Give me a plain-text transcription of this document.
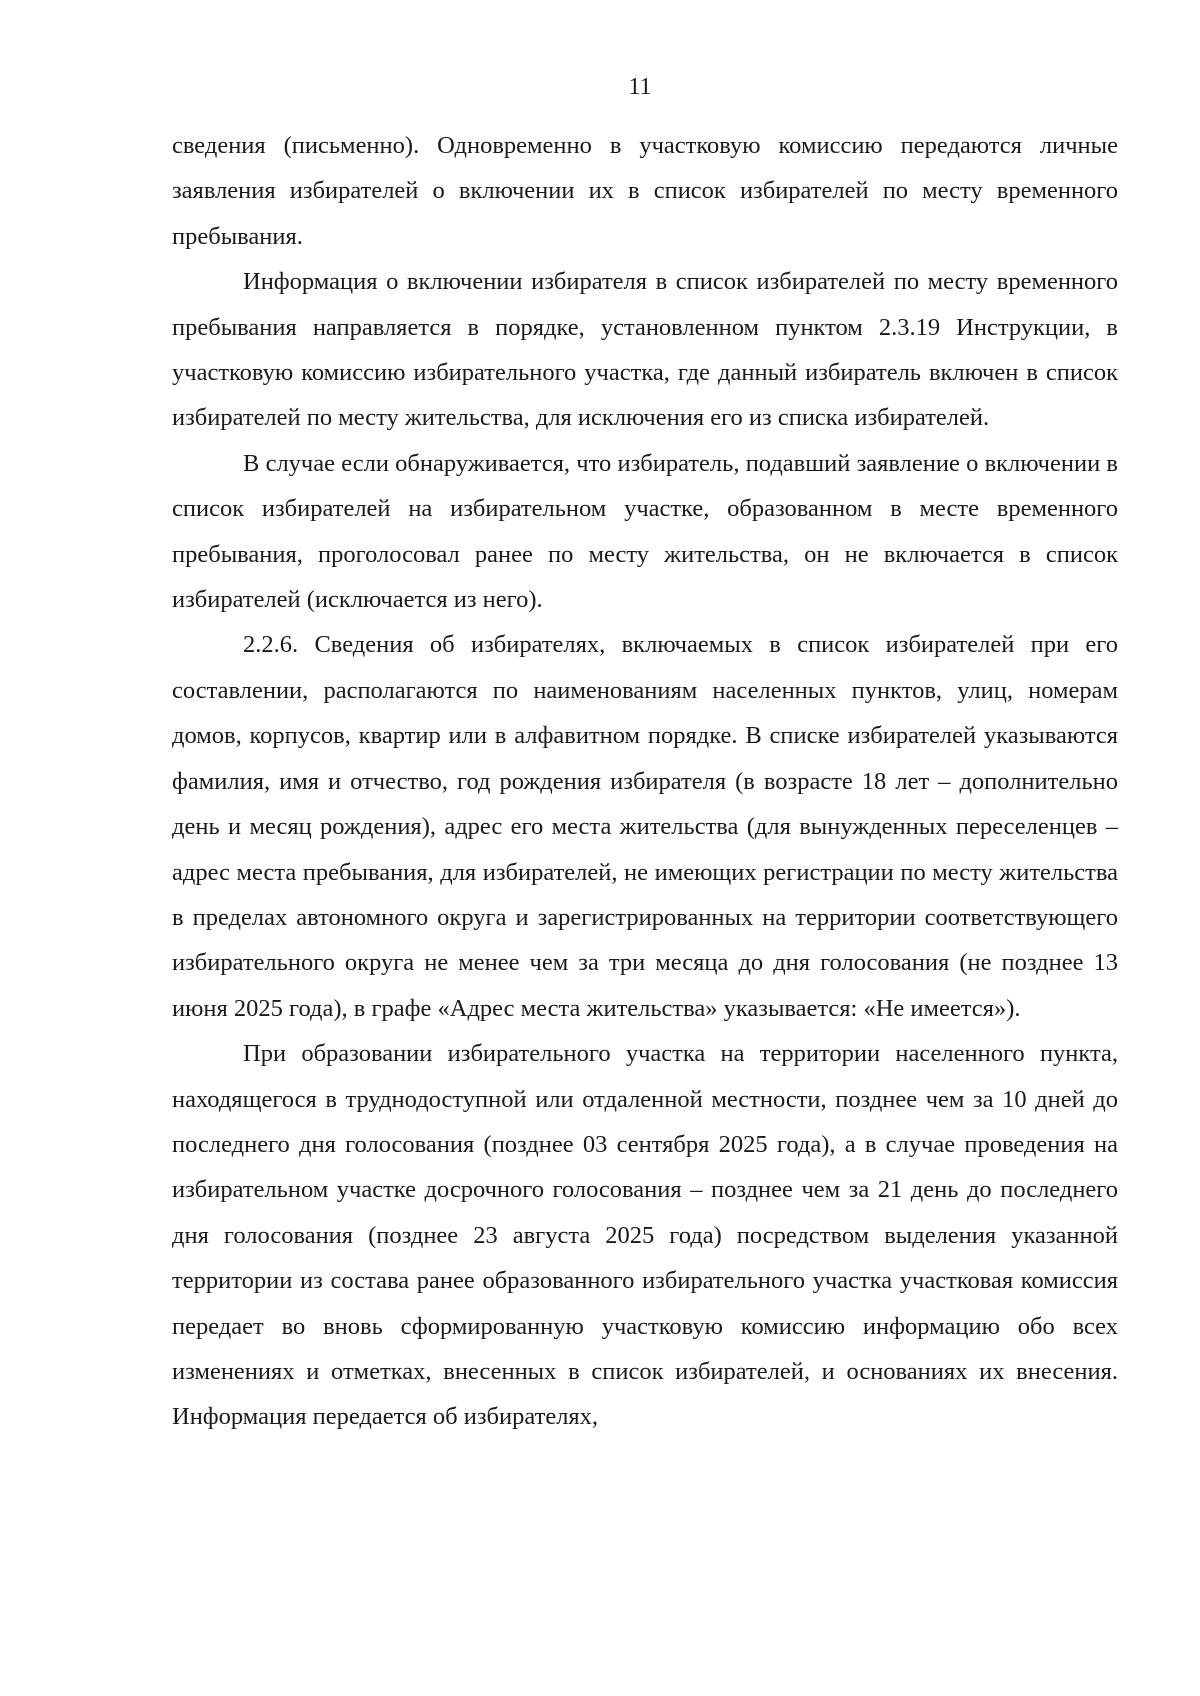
11

сведения (письменно). Одновременно в участковую комиссию передаются личные заявления избирателей о включении их в список избирателей по месту временного пребывания.

Информация о включении избирателя в список избирателей по месту временного пребывания направляется в порядке, установленном пунктом 2.3.19 Инструкции, в участковую комиссию избирательного участка, где данный избиратель включен в список избирателей по месту жительства, для исключения его из списка избирателей.

В случае если обнаруживается, что избиратель, подавший заявление о включении в список избирателей на избирательном участке, образованном в месте временного пребывания, проголосовал ранее по месту жительства, он не включается в список избирателей (исключается из него).

2.2.6. Сведения об избирателях, включаемых в список избирателей при его составлении, располагаются по наименованиям населенных пунктов, улиц, номерам домов, корпусов, квартир или в алфавитном порядке. В списке избирателей указываются фамилия, имя и отчество, год рождения избирателя (в возрасте 18 лет – дополнительно день и месяц рождения), адрес его места жительства (для вынужденных переселенцев – адрес места пребывания, для избирателей, не имеющих регистрации по месту жительства в пределах автономного округа и зарегистрированных на территории соответствующего избирательного округа не менее чем за три месяца до дня голосования (не позднее 13 июня 2025 года), в графе «Адрес места жительства» указывается: «Не имеется»).

При образовании избирательного участка на территории населенного пункта, находящегося в труднодоступной или отдаленной местности, позднее чем за 10 дней до последнего дня голосования (позднее 03 сентября 2025 года), а в случае проведения на избирательном участке досрочного голосования – позднее чем за 21 день до последнего дня голосования (позднее 23 августа 2025 года) посредством выделения указанной территории из состава ранее образованного избирательного участка участковая комиссия передает во вновь сформированную участковую комиссию информацию обо всех изменениях и отметках, внесенных в список избирателей, и основаниях их внесения. Информация передается об избирателях,
